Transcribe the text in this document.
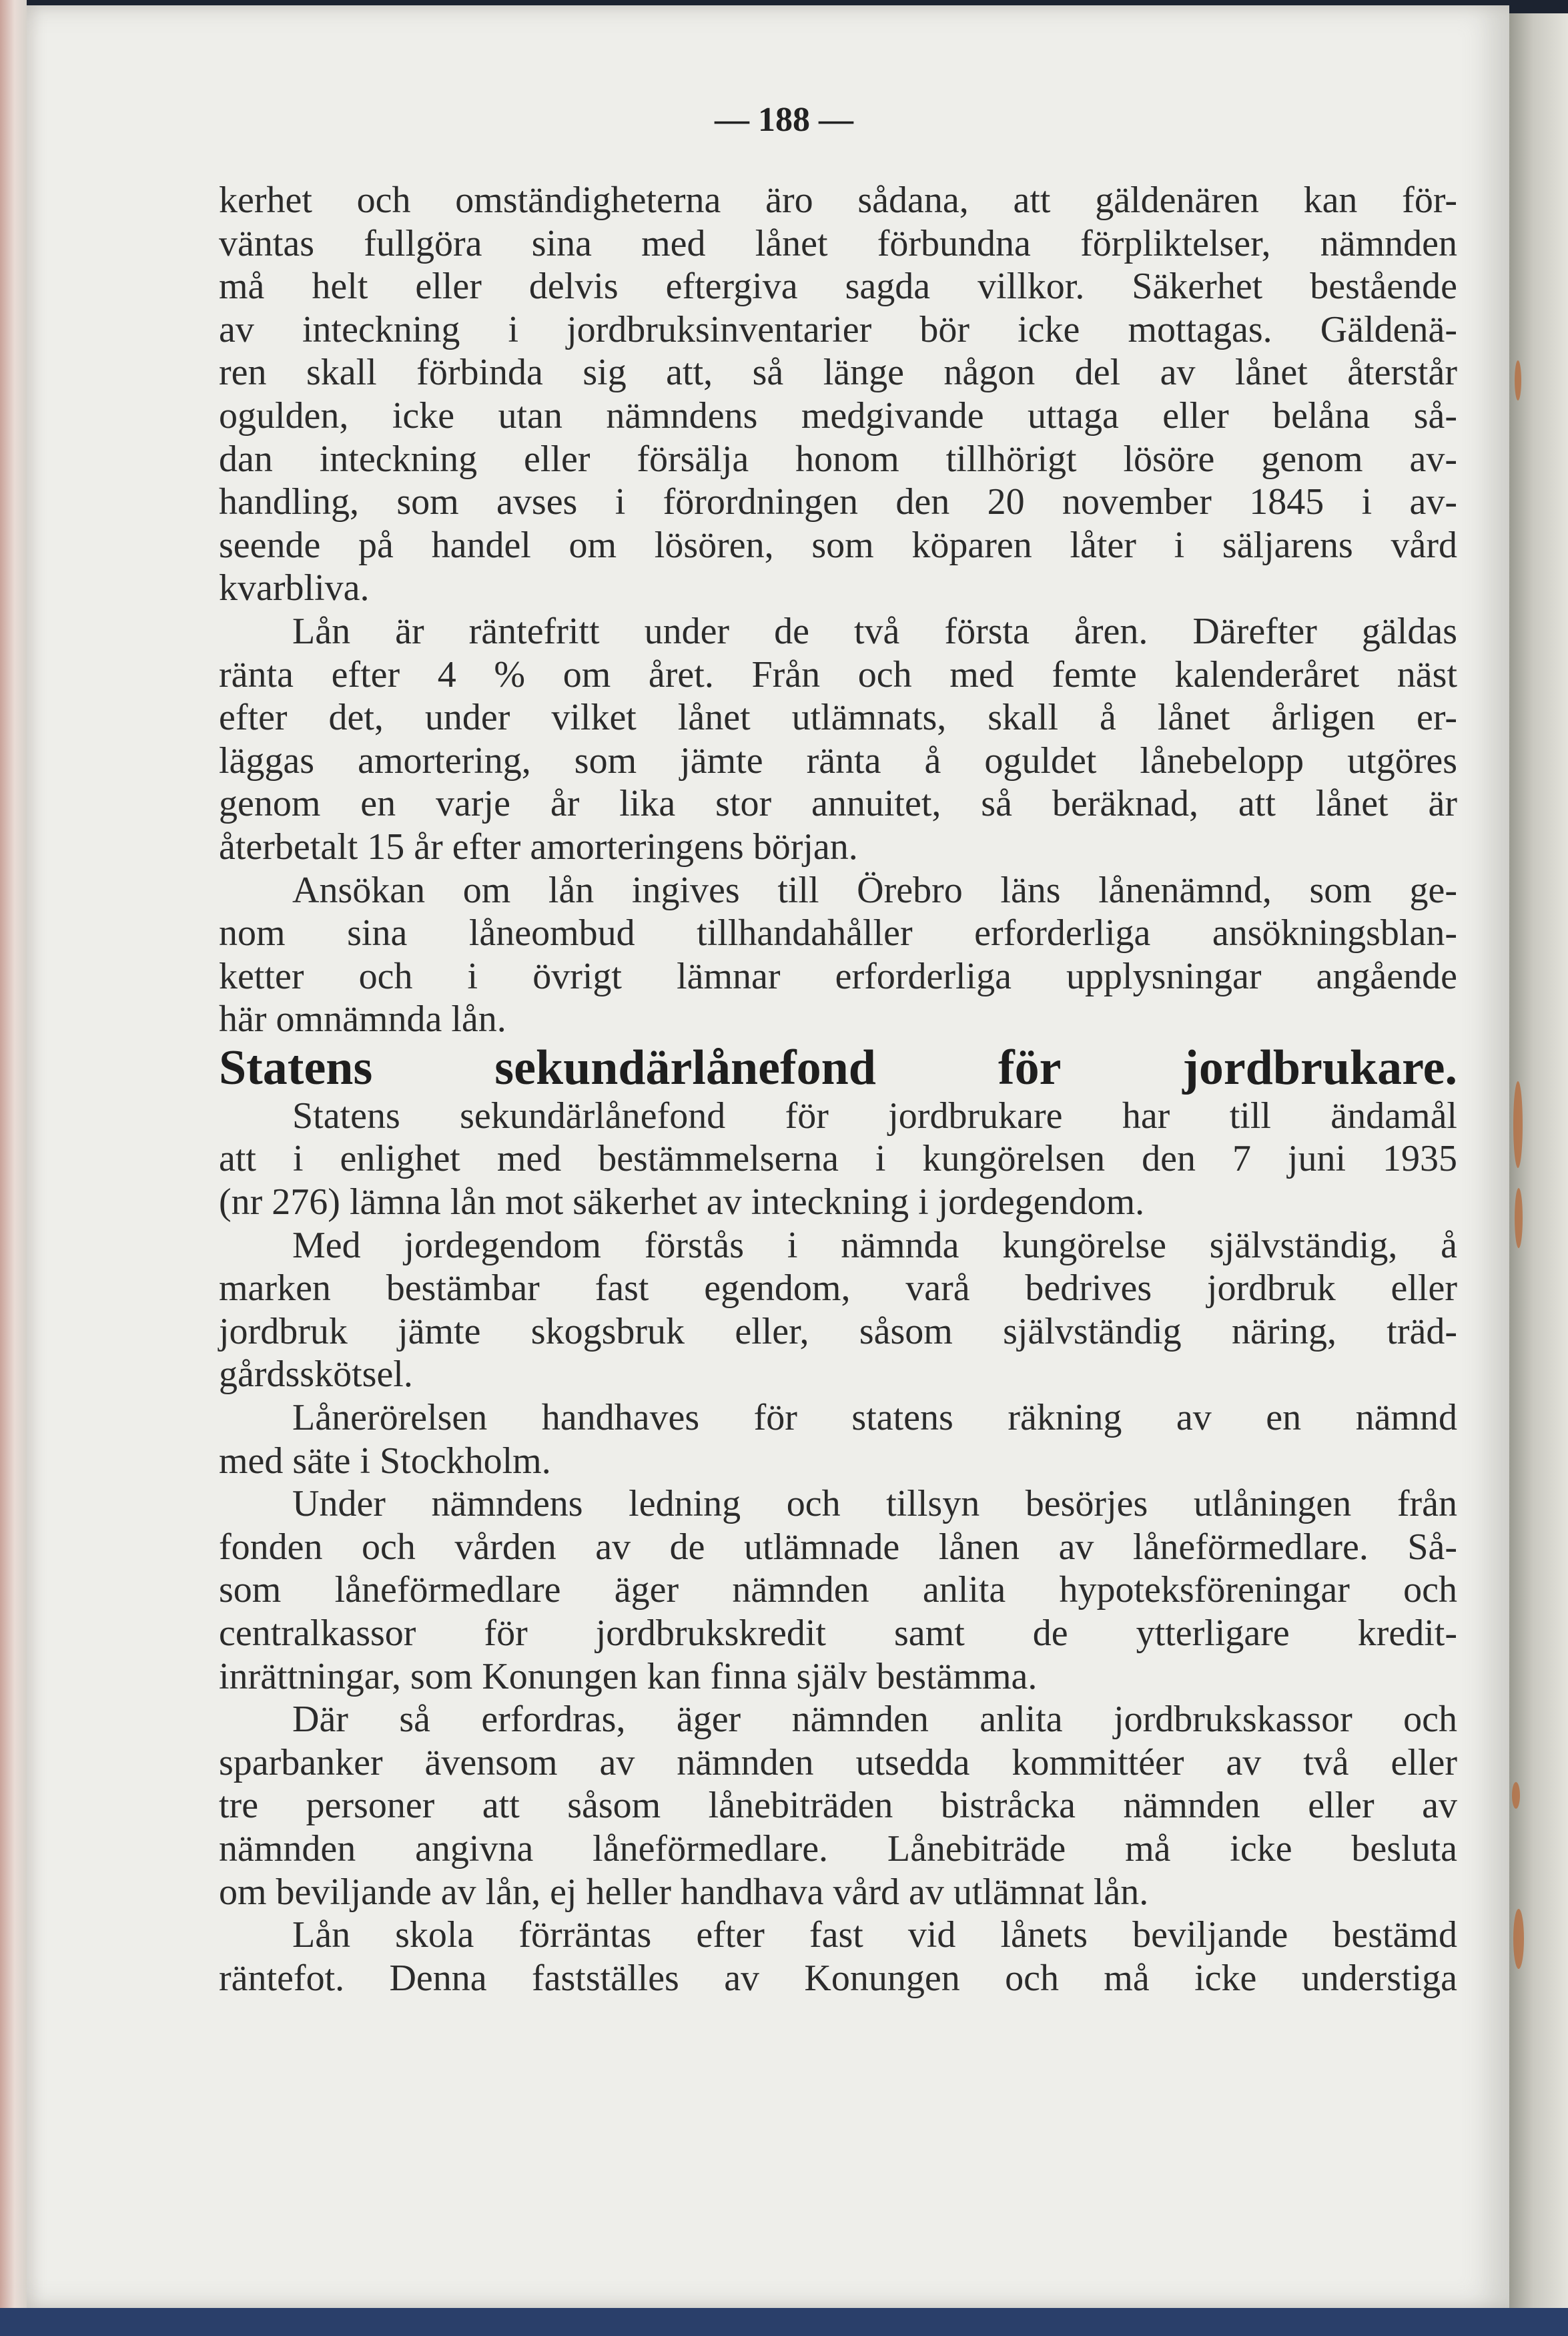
— 188 —

kerhet och omständigheterna äro sådana, att gäldenären kan för-

väntas fullgöra sina med lånet förbundna förpliktelser, nämnden

må helt eller delvis eftergiva sagda villkor. Säkerhet bestående

av inteckning i jordbruksinventarier bör icke mottagas. Gäldenä-

ren skall förbinda sig att, så länge någon del av lånet återstår

ogulden, icke utan nämndens medgivande uttaga eller belåna så-

dan inteckning eller försälja honom tillhörigt lösöre genom av-

handling, som avses i förordningen den 20 november 1845 i av-

seende på handel om lösören, som köparen låter i säljarens vård

kvarbliva.

Lån är räntefritt under de två första åren. Därefter gäldas

ränta efter 4 % om året. Från och med femte kalenderåret näst

efter det, under vilket lånet utlämnats, skall å lånet årligen er-

läggas amortering, som jämte ränta å oguldet lånebelopp utgöres

genom en varje år lika stor annuitet, så beräknad, att lånet är

återbetalt 15 år efter amorteringens början.

Ansökan om lån ingives till Örebro läns lånenämnd, som ge-

nom sina låneombud tillhandahåller erforderliga ansökningsblan-

ketter och i övrigt lämnar erforderliga upplysningar angående

här omnämnda lån.

Statens sekundärlånefond för jordbrukare.

Statens sekundärlånefond för jordbrukare har till ändamål

att i enlighet med bestämmelserna i kungörelsen den 7 juni 1935

(nr 276) lämna lån mot säkerhet av inteckning i jordegendom.

Med jordegendom förstås i nämnda kungörelse självständig, å

marken bestämbar fast egendom, varå bedrives jordbruk eller

jordbruk jämte skogsbruk eller, såsom självständig näring, träd-

gårdsskötsel.

Lånerörelsen handhaves för statens räkning av en nämnd

med säte i Stockholm.

Under nämndens ledning och tillsyn besörjes utlåningen från

fonden och vården av de utlämnade lånen av låneförmedlare. Så-

som låneförmedlare äger nämnden anlita hypoteksföreningar och

centralkassor för jordbrukskredit samt de ytterligare kredit-

inrättningar, som Konungen kan finna själv bestämma.

Där så erfordras, äger nämnden anlita jordbrukskassor och

sparbanker ävensom av nämnden utsedda kommittéer av två eller

tre personer att såsom lånebiträden bistråcka nämnden eller av

nämnden angivna låneförmedlare. Lånebiträde må icke besluta

om beviljande av lån, ej heller handhava vård av utlämnat lån.

Lån skola förräntas efter fast vid lånets beviljande bestämd

räntefot. Denna fastställes av Konungen och må icke understiga
